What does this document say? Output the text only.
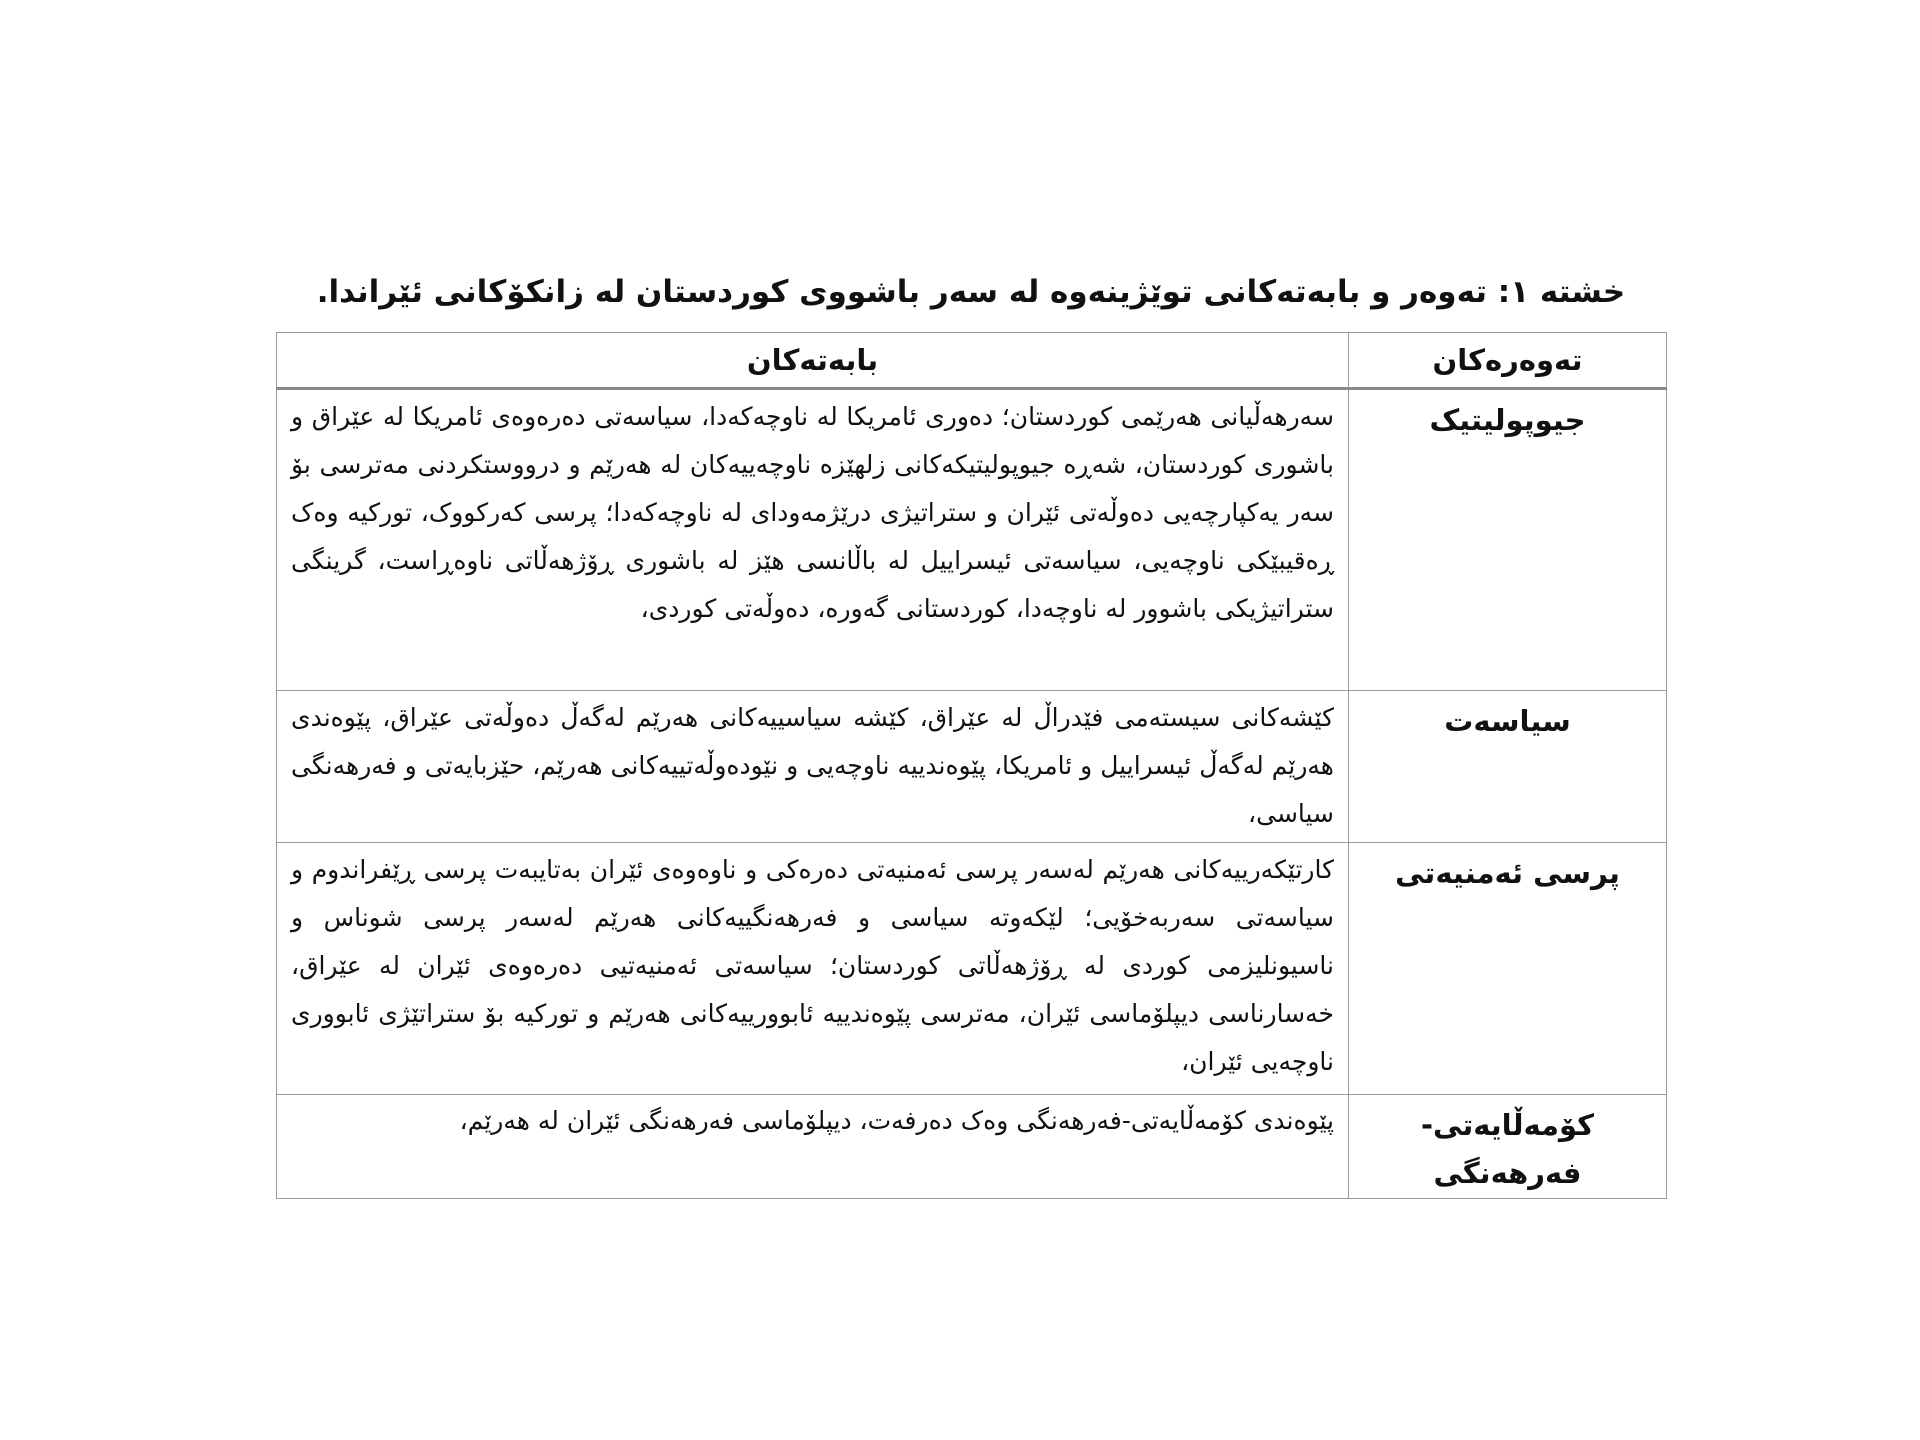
خشتە ١: تەوەر و بابەتەکانی توێژینەوە لە سەر باشووی کوردستان لە زانکۆکانی ئێراندا.
تەوەرەکان	بابەتەکان
جیوپولیتیک	سەرهەڵیانی هەرێمی کوردستان؛ دەوری ئامریکا لە ناوچەکەدا، سیاسەتی دەرەوەی ئامریکا لە عێراق و باشوری کوردستان، شەڕە جیوپولیتیکەکانی زلهێزە ناوچەییەکان لە هەرێم و درووستکردنی مەترسی بۆ سەر یەکپارچەیی دەوڵەتی ئێران و ستراتیژی درێژمەودای لە ناوچەکەدا؛ پرسی کەرکووک، تورکیە وەک ڕەقیبێکی ناوچەیی، سیاسەتی ئیسراییل لە باڵانسی هێز لە باشوری ڕۆژهەڵاتی ناوەڕاست، گرینگی ستراتیژیکی باشوور لە ناوچەدا، کوردستانی گەورە، دەوڵەتی کوردی،
سیاسەت	کێشەکانی سیستەمی فێدراڵ لە عێراق، کێشە سیاسییەکانی هەرێم لەگەڵ دەوڵەتی عێراق، پێوەندی هەرێم لەگەڵ ئیسراییل و ئامریکا، پێوەندییە ناوچەیی و نێودەوڵەتییەکانی هەرێم، حێزبایەتی و فەرهەنگی سیاسی،
پرسی ئەمنیەتی	کارتێکەرییەکانی هەرێم لەسەر پرسی ئەمنیەتی دەرەکی و ناوەوەی ئێران بەتایبەت پرسی ڕێفراندوم و سیاسەتی سەربەخۆیی؛ لێکەوتە سیاسی و فەرهەنگییەکانی هەرێم لەسەر پرسی شوناس و ناسیونلیزمی کوردی لە ڕۆژهەڵاتی کوردستان؛ سیاسەتی ئەمنیەتیی دەرەوەی ئێران لە عێراق، خەسارناسی دیپلۆماسی ئێران، مەترسی پێوەندییە ئابوورییەکانی هەرێم و تورکیە بۆ ستراتێژی ئابووری ناوچەیی ئێران،
کۆمەڵایەتی-فەرهەنگی	پێوەندی کۆمەڵایەتی-فەرهەنگی وەک دەرفەت، دیپلۆماسی فەرهەنگی ئێران لە هەرێم،
